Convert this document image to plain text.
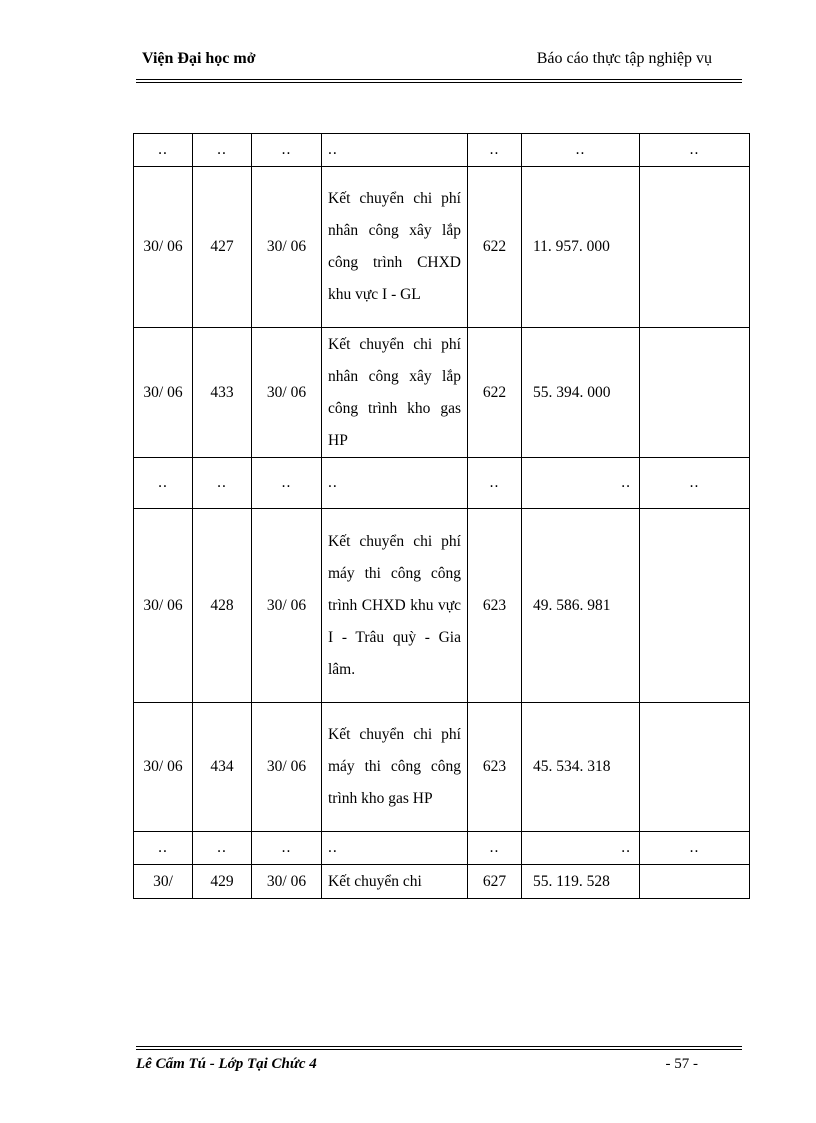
Viện Đại học mở	Báo cáo thực tập nghiệp vụ
..	..	..	..	..	..	..
30/ 06	427	30/ 06	Kết chuyển chi phí nhân công xây lắp công trình CHXD khu vực I - GL	622	11. 957. 000	
30/ 06	433	30/ 06	Kết chuyển chi phí nhân công xây lắp công trình kho gas HP	622	55. 394. 000	
..	..	..	..	..	..	..
30/ 06	428	30/ 06	Kết chuyển chi phí máy thi công công trình CHXD khu vực I - Trâu quỳ - Gia lâm.	623	49. 586. 981	
30/ 06	434	30/ 06	Kết chuyển chi phí máy thi công công trình kho gas HP	623	45. 534. 318	
..	..	..	..	..	..	..
30/	429	30/ 06	Kết chuyển chi	627	55. 119. 528	
Lê Cẩm Tú - Lớp Tại Chức 4	- 57 -
